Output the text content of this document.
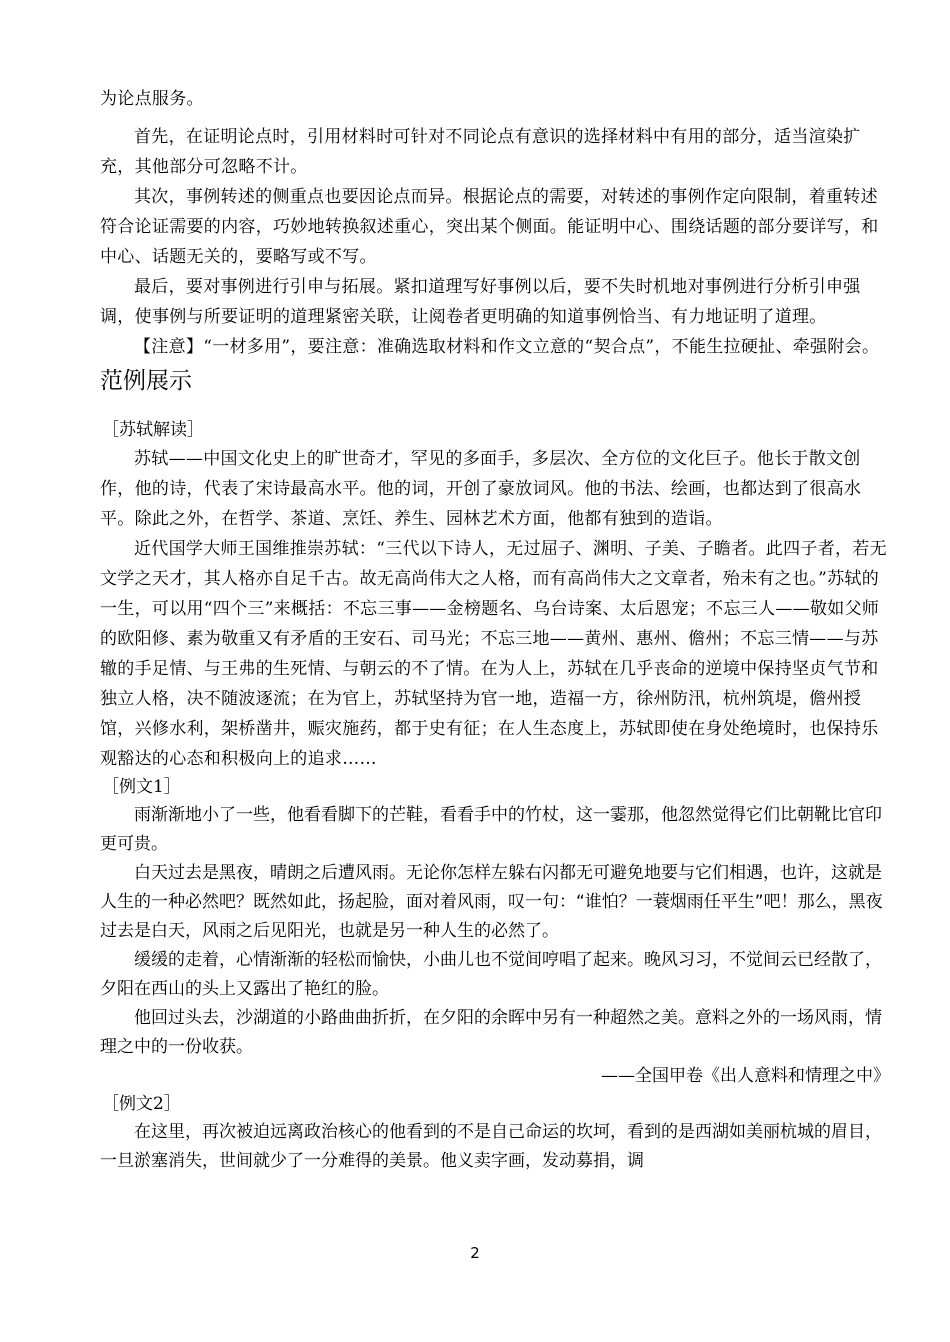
为论点服务。

首先，在证明论点时，引用材料时可针对不同论点有意识的选择材料中有用的部分，适当渲染扩充，其他部分可忽略不计。

其次，事例转述的侧重点也要因论点而异。根据论点的需要，对转述的事例作定向限制，着重转述符合论证需要的内容，巧妙地转换叙述重心，突出某个侧面。能证明中心、围绕话题的部分要详写，和中心、话题无关的，要略写或不写。

最后，要对事例进行引申与拓展。紧扣道理写好事例以后，要不失时机地对事例进行分析引申强调，使事例与所要证明的道理紧密关联，让阅卷者更明确的知道事例恰当、有力地证明了道理。

【注意】“一材多用”，要注意：准确选取材料和作文立意的“契合点”，不能生拉硬扯、牵强附会。

范例展示

［苏轼解读］

苏轼——中国文化史上的旷世奇才，罕见的多面手，多层次、全方位的文化巨子。他长于散文创作，他的诗，代表了宋诗最高水平。他的词，开创了豪放词风。他的书法、绘画，也都达到了很高水平。除此之外，在哲学、茶道、烹饪、养生、园林艺术方面，他都有独到的造诣。

近代国学大师王国维推崇苏轼：“三代以下诗人，无过屈子、渊明、子美、子瞻者。此四子者，若无文学之天才，其人格亦自足千古。故无高尚伟大之人格，而有高尚伟大之文章者，殆未有之也。”苏轼的一生，可以用“四个三”来概括：不忘三事——金榜题名、乌台诗案、太后恩宠；不忘三人——敬如父师的欧阳修、素为敬重又有矛盾的王安石、司马光；不忘三地——黄州、惠州、儋州；不忘三情——与苏辙的手足情、与王弗的生死情、与朝云的不了情。在为人上，苏轼在几乎丧命的逆境中保持坚贞气节和独立人格，决不随波逐流；在为官上，苏轼坚持为官一地，造福一方，徐州防汛，杭州筑堤，儋州授馆，兴修水利，架桥凿井，赈灾施药，都于史有征；在人生态度上，苏轼即使在身处绝境时，也保持乐观豁达的心态和积极向上的追求……

［例文1］

雨渐渐地小了一些，他看看脚下的芒鞋，看看手中的竹杖，这一霎那，他忽然觉得它们比朝靴比官印更可贵。

白天过去是黑夜，晴朗之后遭风雨。无论你怎样左躲右闪都无可避免地要与它们相遇，也许，这就是人生的一种必然吧？既然如此，扬起脸，面对着风雨，叹一句：“谁怕？一蓑烟雨任平生”吧！那么，黑夜过去是白天，风雨之后见阳光，也就是另一种人生的必然了。

缓缓的走着，心情渐渐的轻松而愉快，小曲儿也不觉间哼唱了起来。晚风习习，不觉间云已经散了，夕阳在西山的头上又露出了艳红的脸。

他回过头去，沙湖道的小路曲曲折折，在夕阳的余晖中另有一种超然之美。意料之外的一场风雨，情理之中的一份收获。

——全国甲卷《出人意料和情理之中》

［例文2］

在这里，再次被迫远离政治核心的他看到的不是自己命运的坎坷，看到的是西湖如美丽杭城的眉目，一旦淤塞消失，世间就少了一分难得的美景。他义卖字画，发动募捐，调

2
